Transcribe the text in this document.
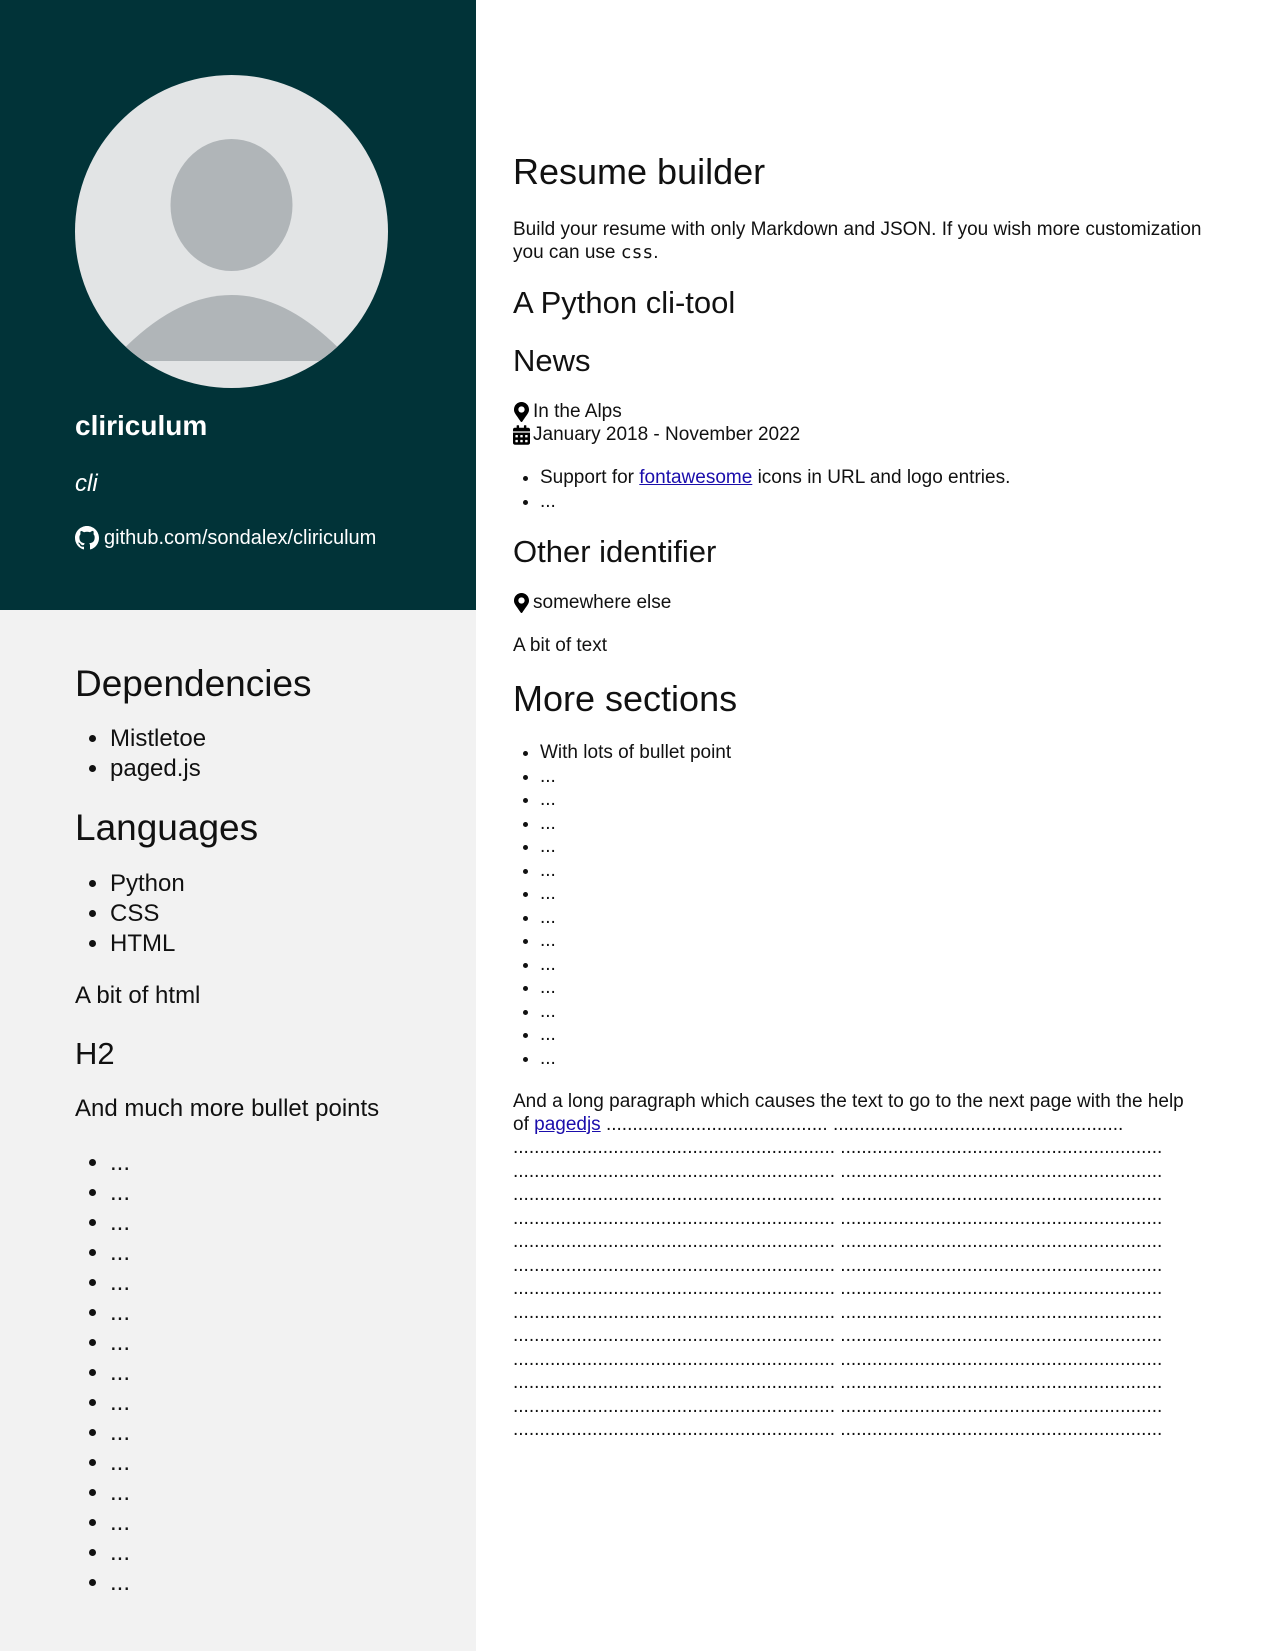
cliriculum

cli

github.com/sondalex/cliriculum
Dependencies
• Mistletoe
• paged.js
Languages
• Python
• CSS
• HTML

A bit of html

H2

And much more bullet points

• ...
• ...
• ...
• ...
• ...
• ...
• ...
• ...
• ...
• ...
• ...
• ...
• ...
• ...
• ...
Resume builder

Build your resume with only Markdown and JSON. If you wish more customization you can use css.

A Python cli-tool
News
In the Alps
January 2018 - November 2022
• Support for fontawesome icons in URL and logo entries.
• ...
Other identifier
somewhere else

A bit of text

More sections
• With lots of bullet point
• ...
• ...
• ...
• ...
• ...
• ...
• ...
• ...
• ...
• ...
• ...
• ...
• ...

And a long paragraph which causes the text to go to the next page with the help of pagedjs .......................................... .......................................................

............................................................. .............................................................
............................................................. .............................................................
............................................................. .............................................................
............................................................. .............................................................
............................................................. .............................................................
............................................................. .............................................................
............................................................. .............................................................
............................................................. .............................................................
............................................................. .............................................................
............................................................. .............................................................
............................................................. .............................................................
............................................................. .............................................................
............................................................. .............................................................
